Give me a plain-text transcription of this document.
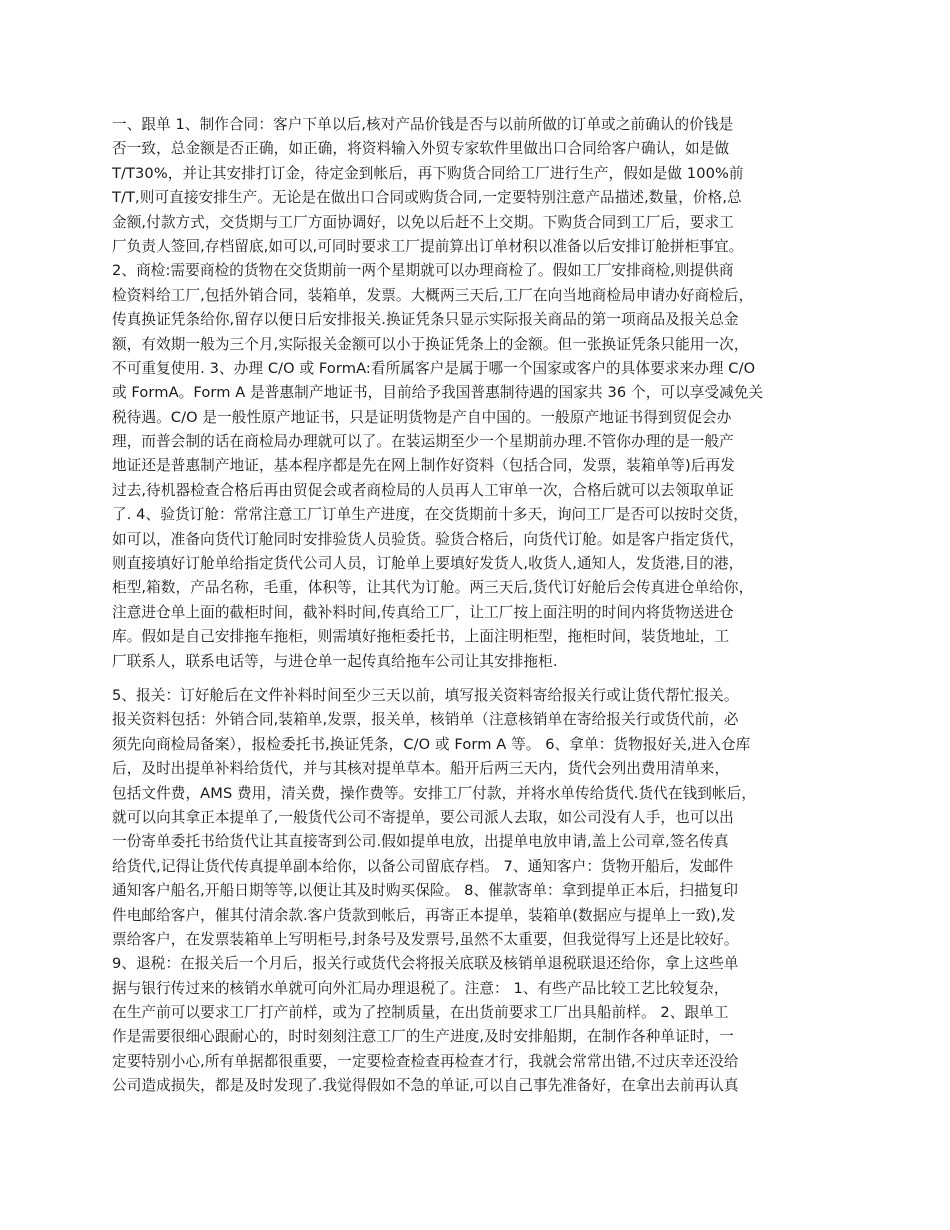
一、跟单 1、制作合同：客户下单以后,核对产品价钱是否与以前所做的订单或之前确认的价钱是
否一致，总金额是否正确，如正确，将资料输入外贸专家软件里做出口合同给客户确认，如是做
T/T30%，并让其安排打订金，待定金到帐后，再下购货合同给工厂进行生产，假如是做 100%前
T/T,则可直接安排生产。无论是在做出口合同或购货合同,一定要特别注意产品描述,数量，价格,总
金额,付款方式，交货期与工厂方面协调好，以免以后赶不上交期。下购货合同到工厂后，要求工
厂负责人签回,存档留底,如可以,可同时要求工厂提前算出订单材积以准备以后安排订舱拼柜事宜。
2、商检:需要商检的货物在交货期前一两个星期就可以办理商检了。假如工厂安排商检,则提供商
检资料给工厂,包括外销合同，装箱单，发票。大概两三天后,工厂在向当地商检局申请办好商检后，
传真换证凭条给你,留存以便日后安排报关.换证凭条只显示实际报关商品的第一项商品及报关总金
额，有效期一般为三个月,实际报关金额可以小于换证凭条上的金额。但一张换证凭条只能用一次，
不可重复使用. 3、办理 C/O 或 FormA:看所属客户是属于哪一个国家或客户的具体要求来办理 C/O
或 FormA。Form A 是普惠制产地证书，目前给予我国普惠制待遇的国家共 36 个，可以享受减免关
税待遇。C/O 是一般性原产地证书，只是证明货物是产自中国的。一般原产地证书得到贸促会办
理，而普会制的话在商检局办理就可以了。在装运期至少一个星期前办理.不管你办理的是一般产
地证还是普惠制产地证，基本程序都是先在网上制作好资料（包括合同，发票，装箱单等)后再发
过去,待机器检查合格后再由贸促会或者商检局的人员再人工审单一次，合格后就可以去领取单证
了. 4、验货订舱：常常注意工厂订单生产进度，在交货期前十多天，询问工厂是否可以按时交货，
如可以，准备向货代订舱同时安排验货人员验货。验货合格后，向货代订舱。如是客户指定货代，
则直接填好订舱单给指定货代公司人员，订舱单上要填好发货人,收货人,通知人，发货港,目的港，
柜型,箱数，产品名称，毛重，体积等，让其代为订舱。两三天后,货代订好舱后会传真进仓单给你，
注意进仓单上面的截柜时间，截补料时间,传真给工厂，让工厂按上面注明的时间内将货物送进仓
库。假如是自己安排拖车拖柜，则需填好拖柜委托书，上面注明柜型，拖柜时间，装货地址，工
厂联系人，联系电话等，与进仓单一起传真给拖车公司让其安排拖柜.
5、报关：订好舱后在文件补料时间至少三天以前，填写报关资料寄给报关行或让货代帮忙报关。
报关资料包括：外销合同,装箱单,发票，报关单，核销单（注意核销单在寄给报关行或货代前，必
须先向商检局备案），报检委托书,换证凭条，C/O 或 Form A 等。 6、拿单：货物报好关,进入仓库
后，及时出提单补料给货代，并与其核对提单草本。船开后两三天内，货代会列出费用清单来，
包括文件费，AMS 费用，清关费，操作费等。安排工厂付款，并将水单传给货代.货代在钱到帐后，
就可以向其拿正本提单了,一般货代公司不寄提单，要公司派人去取，如公司没有人手，也可以出
一份寄单委托书给货代让其直接寄到公司.假如提单电放，出提单电放申请,盖上公司章,签名传真
给货代,记得让货代传真提单副本给你，以备公司留底存档。 7、通知客户：货物开船后，发邮件
通知客户船名,开船日期等等,以便让其及时购买保险。 8、催款寄单：拿到提单正本后，扫描复印
件电邮给客户，催其付清余款.客户货款到帐后，再寄正本提单，装箱单(数据应与提单上一致),发
票给客户，在发票装箱单上写明柜号,封条号及发票号,虽然不太重要，但我觉得写上还是比较好。
9、退税：在报关后一个月后，报关行或货代会将报关底联及核销单退税联退还给你，拿上这些单
据与银行传过来的核销水单就可向外汇局办理退税了。注意： 1、有些产品比较工艺比较复杂，
在生产前可以要求工厂打产前样，或为了控制质量，在出货前要求工厂出具船前样。 2、跟单工
作是需要很细心跟耐心的，时时刻刻注意工厂的生产进度,及时安排船期，在制作各种单证时，一
定要特别小心,所有单据都很重要，一定要检查检查再检查才行，我就会常常出错,不过庆幸还没给
公司造成损失，都是及时发现了.我觉得假如不急的单证,可以自己事先准备好，在拿出去前再认真
